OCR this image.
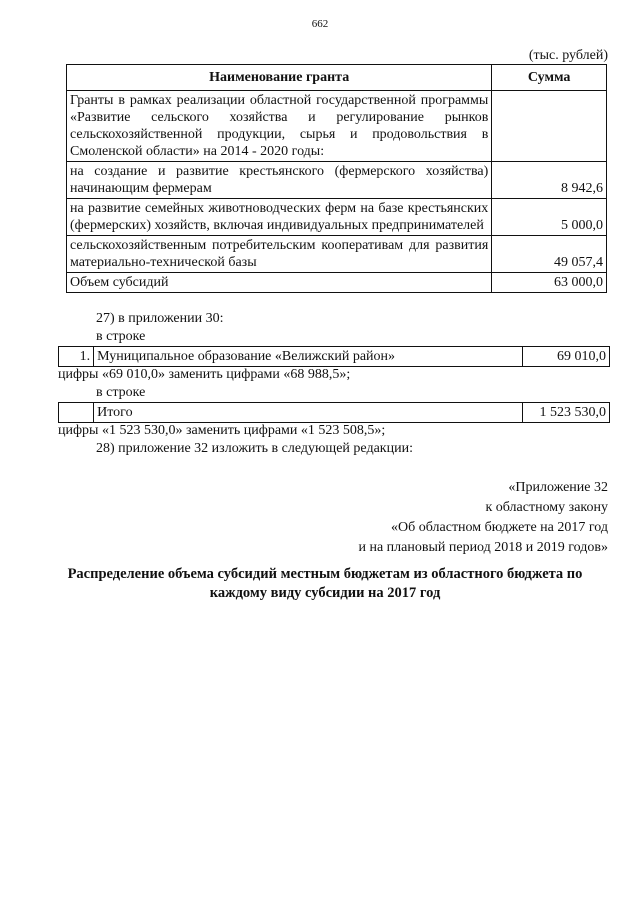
662
(тыс. рублей)
Наименование гранта	Сумма
Гранты в рамках реализации областной государственной программы «Развитие сельского хозяйства и регулирование рынков сельскохозяйственной продукции, сырья и продовольствия в Смоленской области» на 2014 - 2020 годы:	
на создание и развитие крестьянского (фермерского хозяйства) начинающим фермерам	8 942,6
на развитие семейных животноводческих ферм на базе крестьянских (фермерских) хозяйств, включая индивидуальных предпринимателей	5 000,0
сельскохозяйственным потребительским кооперативам для развития материально-технической базы	49 057,4
Объем субсидий	63 000,0
27) в приложении 30:
в строке
1.	Муниципальное образование «Велижский район»	69 010,0
цифры «69 010,0» заменить цифрами «68 988,5»;
в строке
	Итого	1 523 530,0
цифры «1 523 530,0» заменить цифрами «1 523 508,5»;
28) приложение 32 изложить в следующей редакции:
«Приложение 32
к областному закону
«Об областном бюджете на 2017 год
и на плановый период 2018 и 2019 годов»
Распределение объема субсидий местным бюджетам из областного бюджета по каждому виду субсидии на 2017 год
